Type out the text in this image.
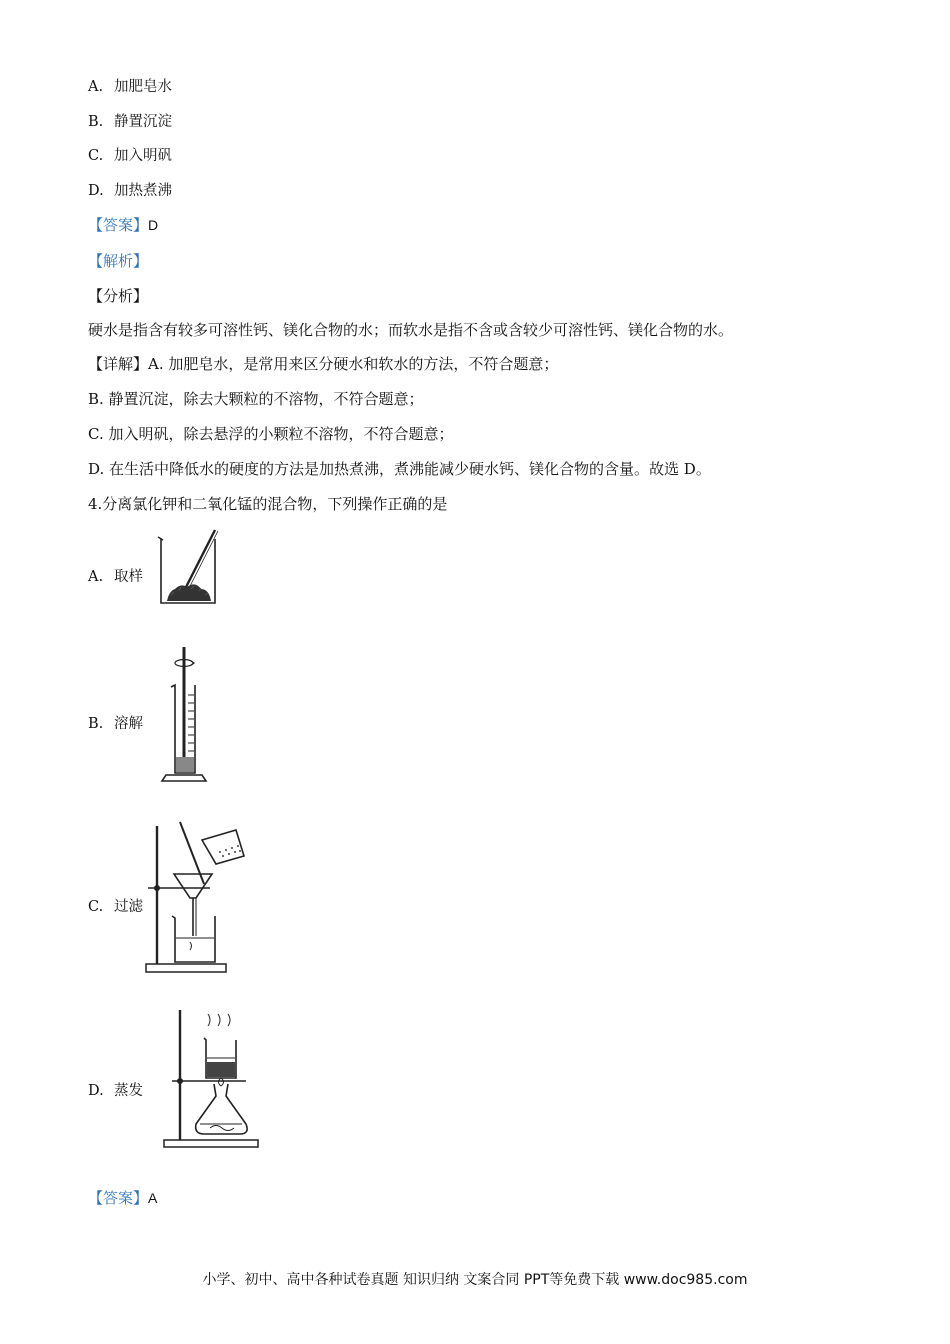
A. 加肥皂水
B. 静置沉淀
C. 加入明矾
D. 加热煮沸
【答案】D
【解析】
【分析】
硬水是指含有较多可溶性钙、镁化合物的水；而软水是指不含或含较少可溶性钙、镁化合物的水。
【详解】A. 加肥皂水，是常用来区分硬水和软水的方法，不符合题意；
B. 静置沉淀，除去大颗粒的不溶物，不符合题意；
C. 加入明矾，除去悬浮的小颗粒不溶物，不符合题意；
D. 在生活中降低水的硬度的方法是加热煮沸，煮沸能减少硬水钙、镁化合物的含量。故选 D。
4.分离氯化钾和二氧化锰的混合物，下列操作正确的是
A. 取样
B. 溶解
C. 过滤
D. 蒸发
【答案】A
小学、初中、高中各种试卷真题 知识归纳 文案合同 PPT等免费下载 www.doc985.com
